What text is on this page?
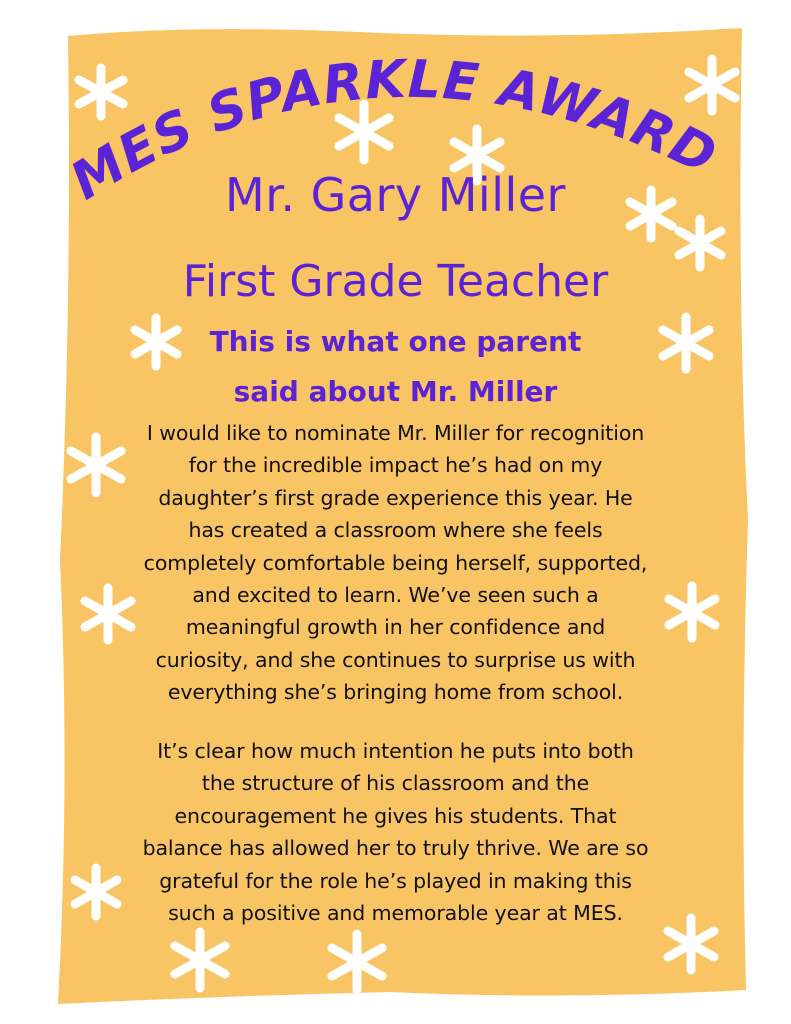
MES SPARKLE AWARD
Mr. Gary Miller
First Grade Teacher
This is what one parent
said about Mr. Miller
I would like to nominate Mr. Miller for recognition
for the incredible impact he’s had on my
daughter’s first grade experience this year. He
has created a classroom where she feels
completely comfortable being herself, supported,
and excited to learn. We’ve seen such a
meaningful growth in her confidence and
curiosity, and she continues to surprise us with
everything she’s bringing home from school.
It’s clear how much intention he puts into both
the structure of his classroom and the
encouragement he gives his students. That
balance has allowed her to truly thrive. We are so
grateful for the role he’s played in making this
such a positive and memorable year at MES.
